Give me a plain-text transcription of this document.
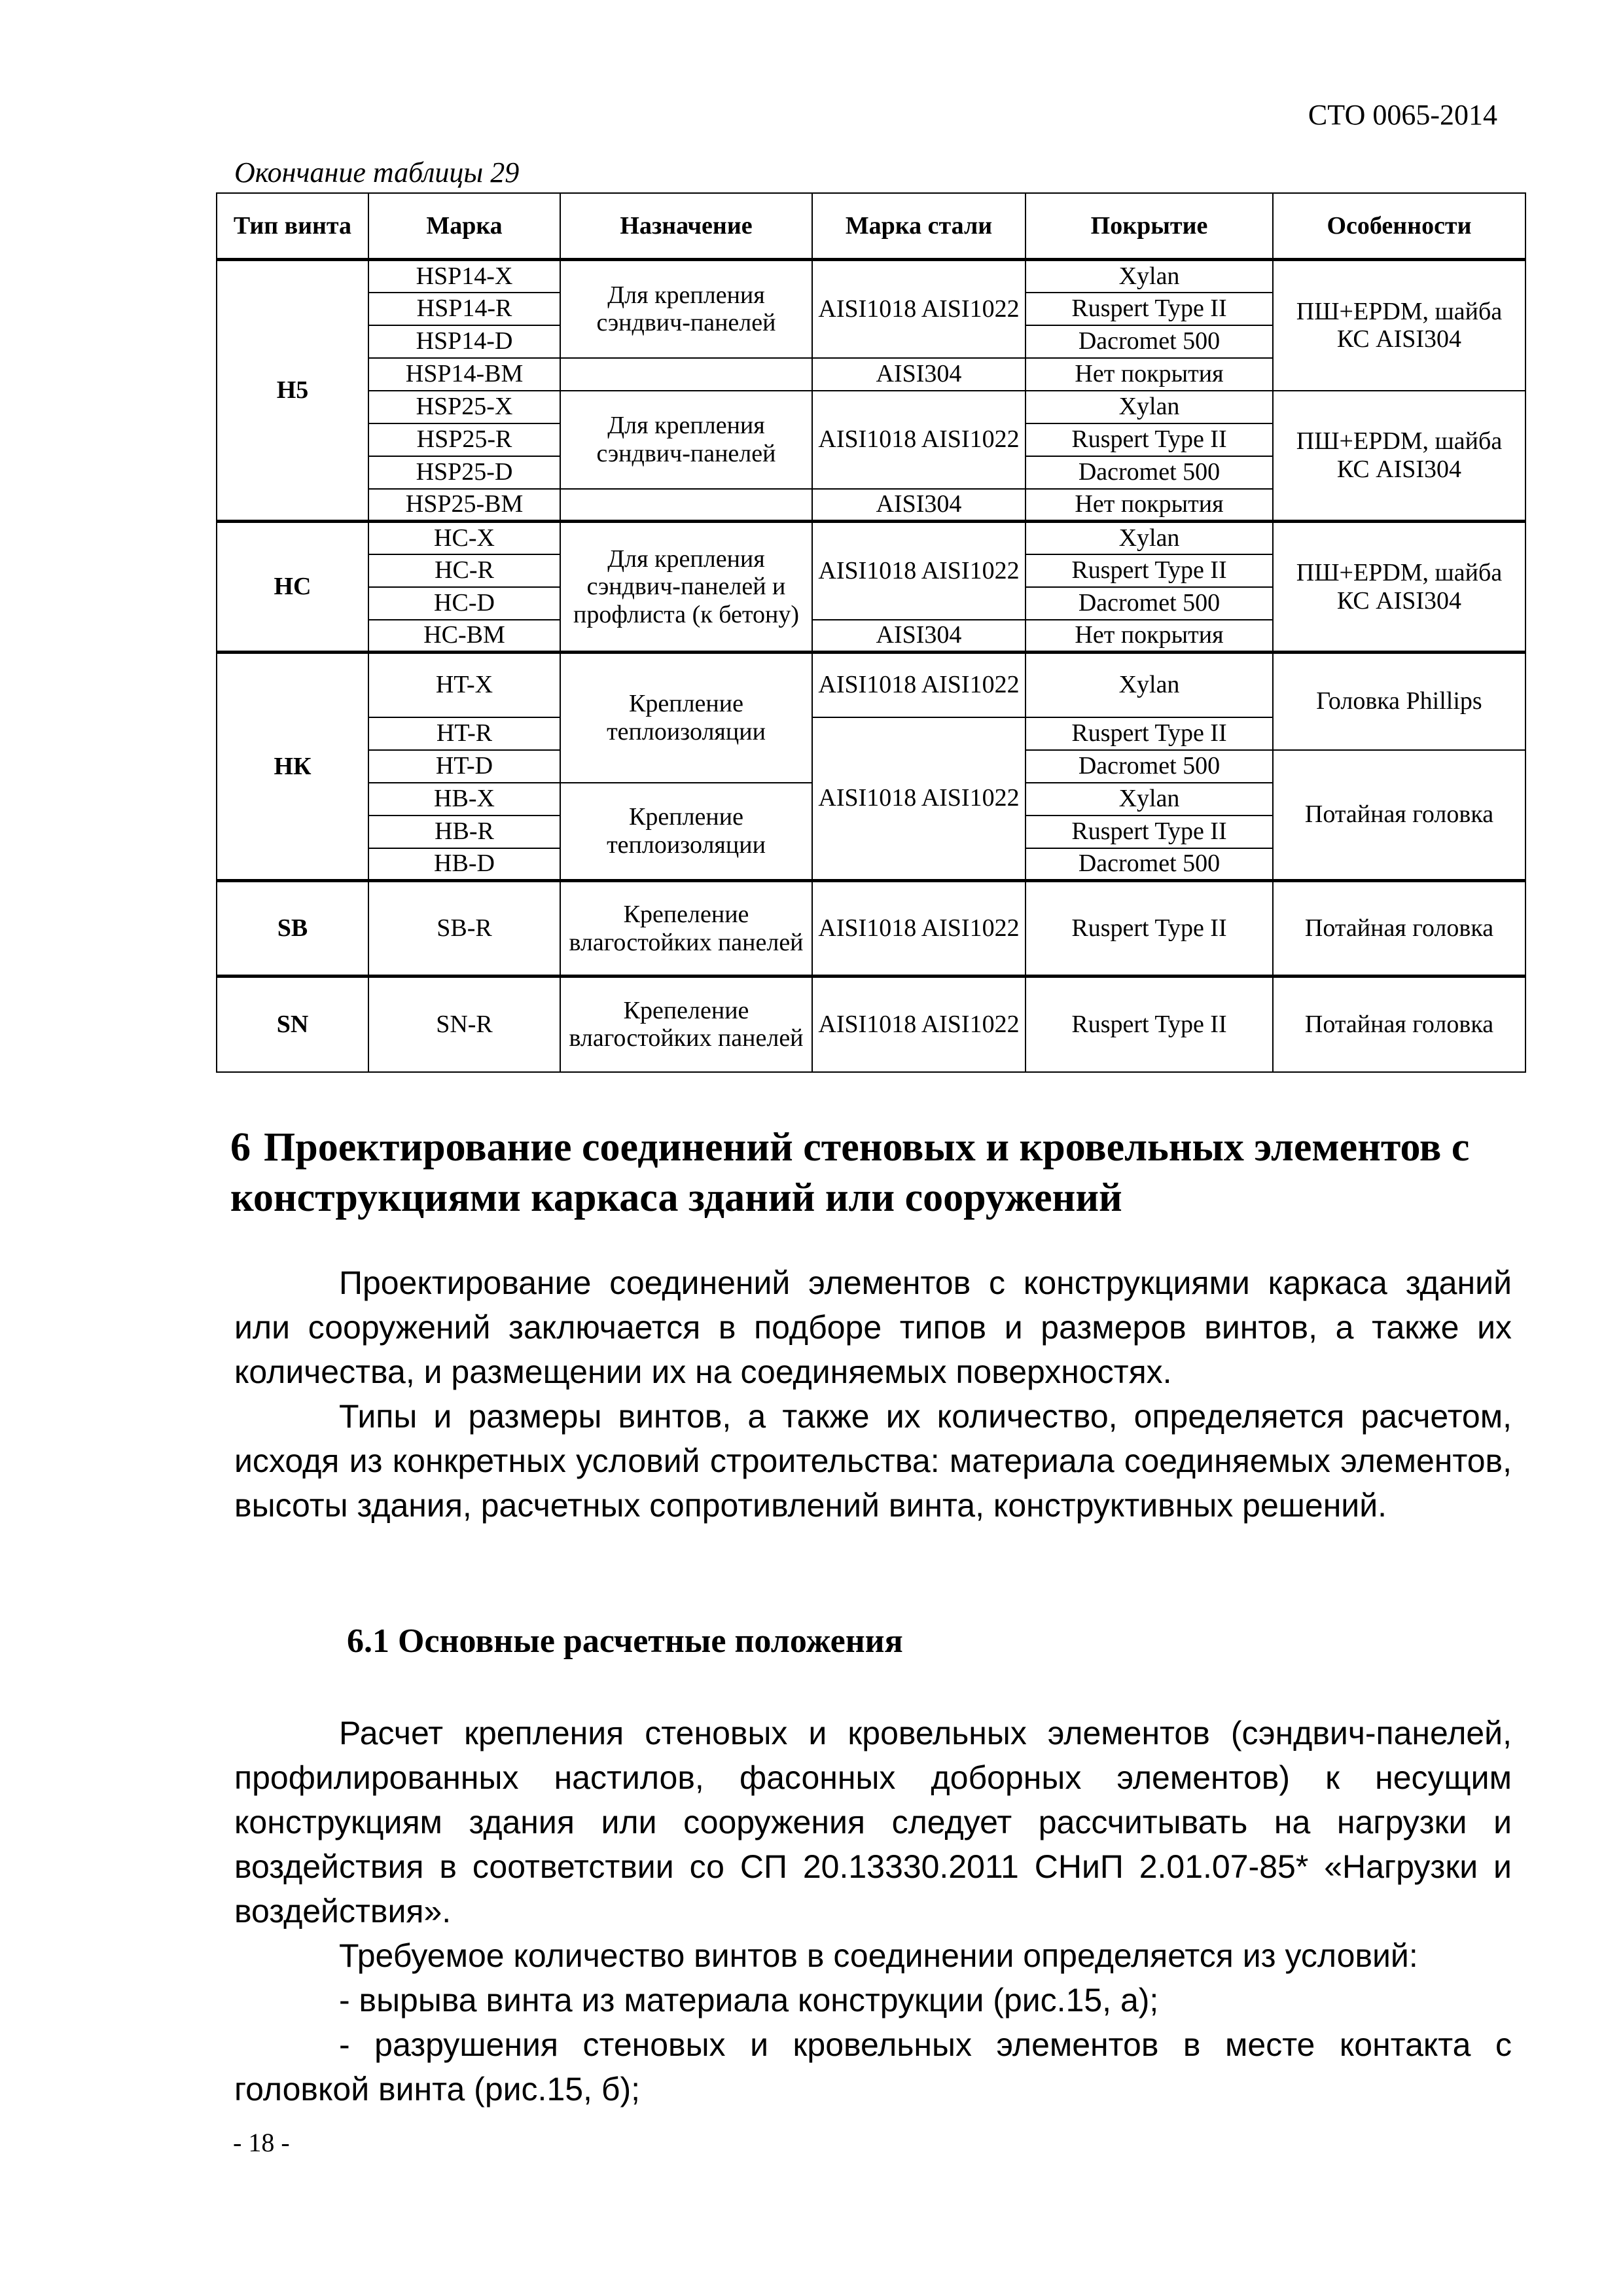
СТО 0065-2014
Окончание таблицы 29
Тип винта	Марка	Назначение	Марка стали	Покрытие	Особенности
Н5	HSP14-X	Для крепления сэндвич-панелей	AISI1018 AISI1022	Xylan	ПШ+EPDM, шайба КС AISI304
	HSP14-R			Ruspert Type II	
	HSP14-D			Dacromet 500	
	HSP14-BM		AISI304	Нет покрытия	
	HSP25-X	Для крепления сэндвич-панелей	AISI1018 AISI1022	Xylan	ПШ+EPDM, шайба КС AISI304
	HSP25-R			Ruspert Type II	
	HSP25-D			Dacromet 500	
	HSP25-BM		AISI304	Нет покрытия	
НС	HC-X	Для крепления сэндвич-панелей и профлиста (к бетону)	AISI1018 AISI1022	Xylan	ПШ+EPDM, шайба КС AISI304
	HC-R			Ruspert Type II	
	HC-D			Dacromet 500	
	HC-BM		AISI304	Нет покрытия	
НК	HT-X	Крепление теплоизоляции	AISI1018 AISI1022	Xylan	Головка Phillips
	HT-R		AISI1018 AISI1022	Ruspert Type II	
	HT-D			Dacromet 500	Потайная головка
	HB-X	Крепление теплоизоляции		Xylan	
	HB-R			Ruspert Type II	
	HB-D			Dacromet 500	
SB	SB-R	Крепеление влагостойких панелей	AISI1018 AISI1022	Ruspert Type II	Потайная головка
SN	SN-R	Крепеление влагостойких панелей	AISI1018 AISI1022	Ruspert Type II	Потайная головка
6 Проектирование соединений стеновых и кровельных элементов с конструкциями каркаса зданий или сооружений

Проектирование соединений элементов с конструкциями каркаса зданий или сооружений заключается в подборе типов и размеров винтов, а также их количества, и размещении их на соединяемых поверхностях.

Типы и размеры винтов, а также их количество, определяется расчетом, исходя из конкретных условий строительства: материала соединяемых элементов, высоты здания, расчетных сопротивлений винта, конструктивных решений.

6.1 Основные расчетные положения

Расчет крепления стеновых и кровельных элементов (сэндвич-панелей, профилированных настилов, фасонных доборных элементов) к несущим конструкциям здания или сооружения следует рассчитывать на нагрузки и воздействия в соответствии со СП 20.13330.2011 СНиП 2.01.07-85* «Нагрузки и воздействия».

Требуемое количество винтов в соединении определяется из условий:

- вырыва винта из материала конструкции (рис.15, а);

- разрушения стеновых и кровельных элементов в месте контакта с головкой винта (рис.15, б);

- 18 -
